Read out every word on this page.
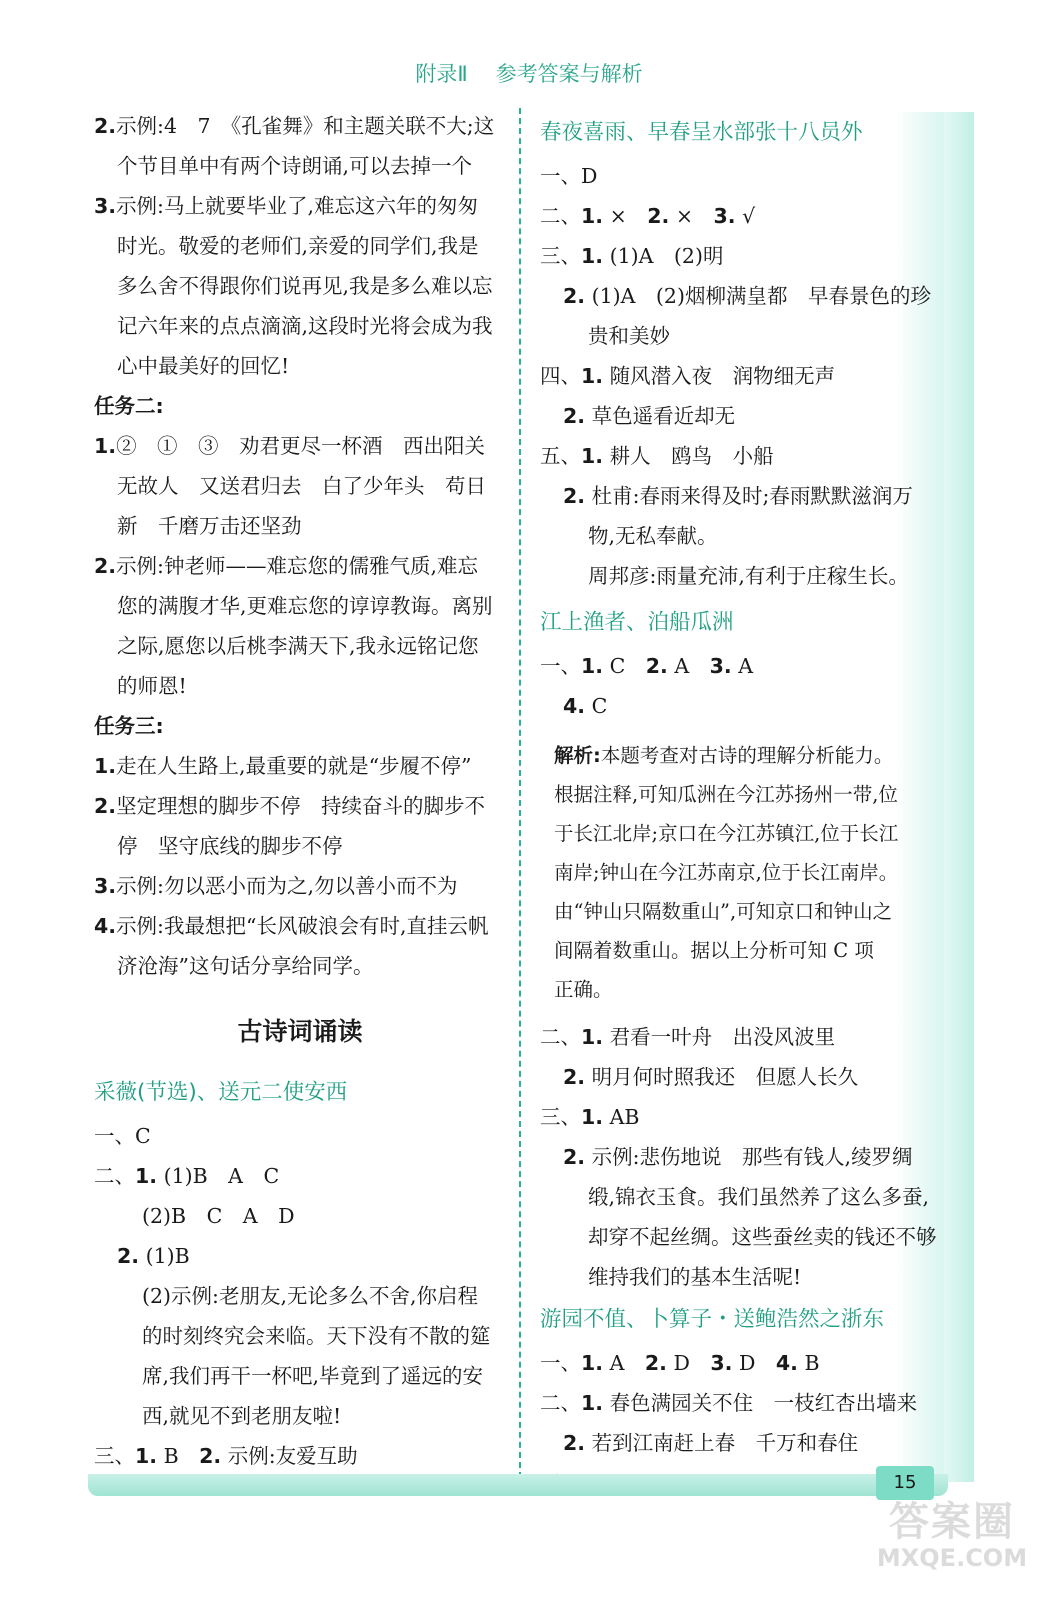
附录Ⅱ 参考答案与解析
2.示例:4　7　《孔雀舞》和主题关联不大;这
个节目单中有两个诗朗诵,可以去掉一个
3.示例:马上就要毕业了,难忘这六年的匆匆
时光。敬爱的老师们,亲爱的同学们,我是
多么舍不得跟你们说再见,我是多么难以忘
记六年来的点点滴滴,这段时光将会成为我
心中最美好的回忆!
任务二:
1.②　①　③　劝君更尽一杯酒　西出阳关
无故人　又送君归去　白了少年头　苟日
新　千磨万击还坚劲
2.示例:钟老师——难忘您的儒雅气质,难忘
您的满腹才华,更难忘您的谆谆教诲。离别
之际,愿您以后桃李满天下,我永远铭记您
的师恩!
任务三:
1.走在人生路上,最重要的就是“步履不停”
2.坚定理想的脚步不停　持续奋斗的脚步不
停　坚守底线的脚步不停
3.示例:勿以恶小而为之,勿以善小而不为
4.示例:我最想把“长风破浪会有时,直挂云帆
济沧海”这句话分享给同学。
古诗词诵读
采薇(节选)、送元二使安西
一、C
二、1. (1)B　A　C
(2)B　C　A　D
2. (1)B
(2)示例:老朋友,无论多么不舍,你启程
的时刻终究会来临。天下没有不散的筵
席,我们再干一杯吧,毕竟到了遥远的安
西,就见不到老朋友啦!
三、1. B　2. 示例:友爱互助
春夜喜雨、早春呈水部张十八员外
一、D
二、1. ×　2. ×　3. √
三、1. (1)A　(2)明
2. (1)A　(2)烟柳满皇都　早春景色的珍
贵和美妙
四、1. 随风潜入夜　润物细无声
2. 草色遥看近却无
五、1. 耕人　鸥鸟　小船
2. 杜甫:春雨来得及时;春雨默默滋润万
物,无私奉献。
周邦彦:雨量充沛,有利于庄稼生长。
江上渔者、泊船瓜洲
一、1. C　2. A　3. A
4. C
解析:本题考查对古诗的理解分析能力。
根据注释,可知瓜洲在今江苏扬州一带,位
于长江北岸;京口在今江苏镇江,位于长江
南岸;钟山在今江苏南京,位于长江南岸。
由“钟山只隔数重山”,可知京口和钟山之
间隔着数重山。据以上分析可知 C 项
正确。
二、1. 君看一叶舟　出没风波里
2. 明月何时照我还　但愿人长久
三、1. AB
2. 示例:悲伤地说　那些有钱人,绫罗绸
缎,锦衣玉食。我们虽然养了这么多蚕,
却穿不起丝绸。这些蚕丝卖的钱还不够
维持我们的基本生活呢!
游园不值、卜算子・送鲍浩然之浙东
一、1. A　2. D　3. D　4. B
二、1. 春色满园关不住　一枝红杏出墙来
2. 若到江南赶上春　千万和春住
15
答案圈
MXQE.COM
